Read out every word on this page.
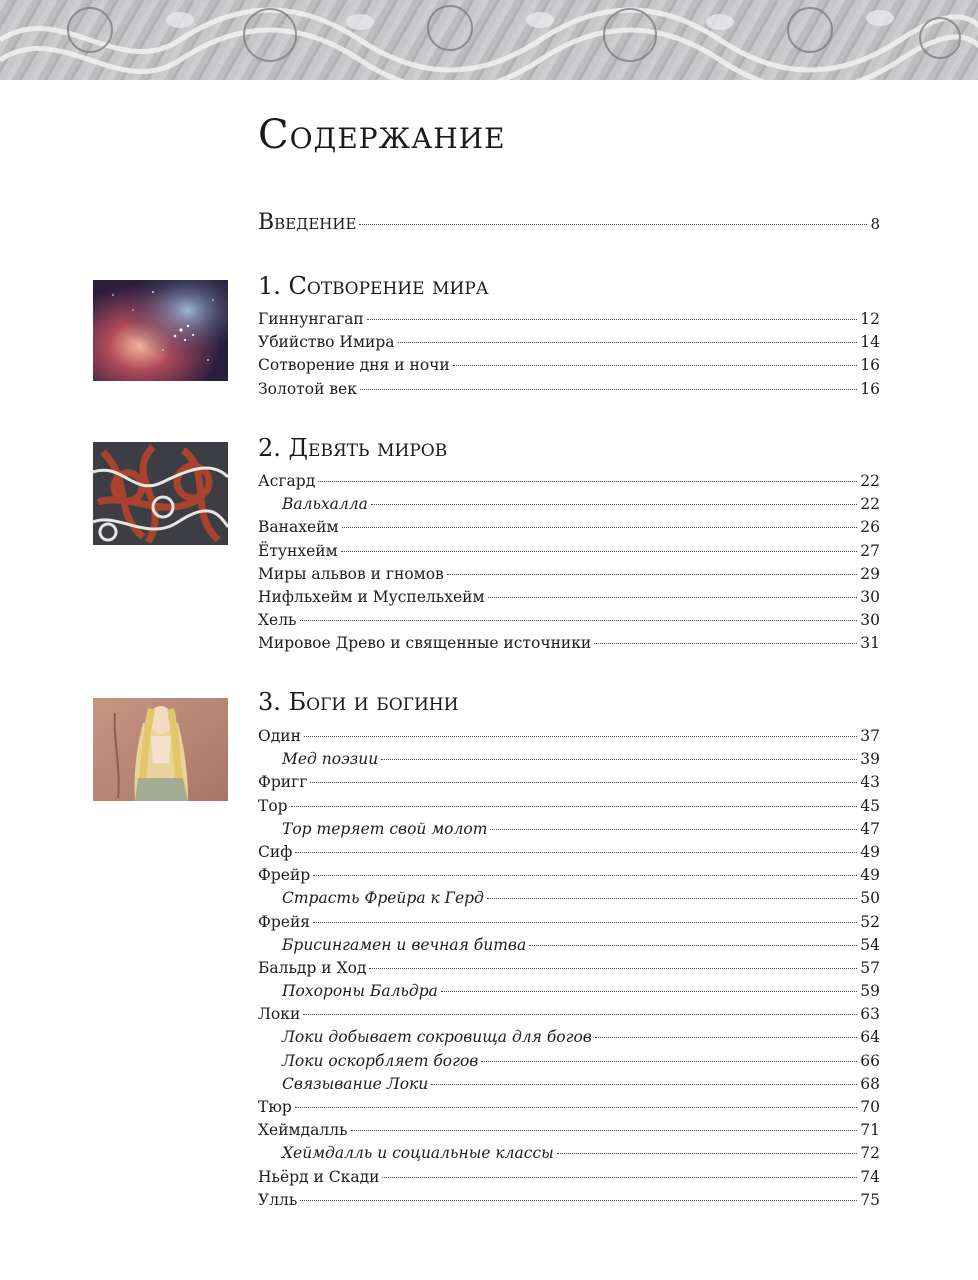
Содержание
Введение	8
1. Сотворение мира
Гиннунгагап	12
Убийство Имира	14
Сотворение дня и ночи	16
Золотой век	16
2. Девять миров
Асгард	22
Вальхалла	22
Ванахейм	26
Ётунхейм	27
Миры альвов и гномов	29
Нифльхейм и Муспельхейм	30
Хель	30
Мировое Древо и священные источники	31
3. Боги и богини
Один	37
Мед поэзии	39
Фригг	43
Тор	45
Тор теряет свой молот	47
Сиф	49
Фрейр	49
Страсть Фрейра к Герд	50
Фрейя	52
Брисингамен и вечная битва	54
Бальдр и Ход	57
Похороны Бальдра	59
Локи	63
Локи добывает сокровища для богов	64
Локи оскорбляет богов	66
Связывание Локи	68
Тюр	70
Хеймдалль	71
Хеймдалль и социальные классы	72
Ньёрд и Скади	74
Улль	75
